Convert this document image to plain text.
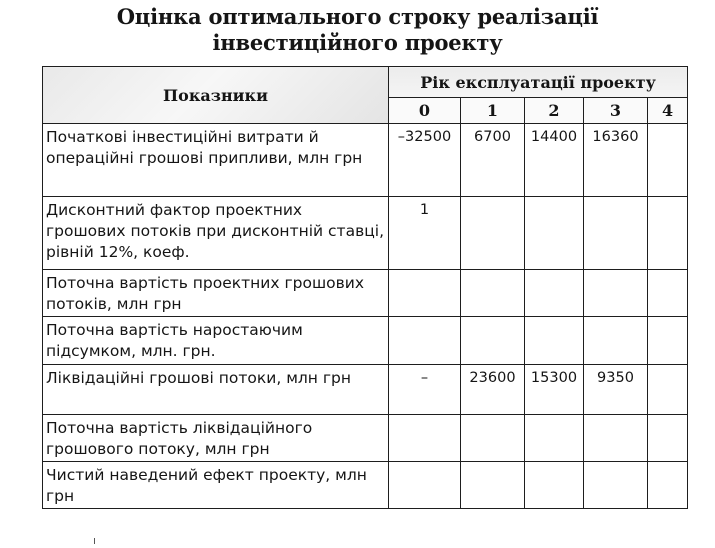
Оцінка оптимального строку реалізації
інвестиційного проекту
Показники	Рік експлуатації проекту				
	0	1	2	3	4
Початкові інвестиційні витрати й операційні грошові припливи, млн грн	–32500	6700	14400	16360	
Дисконтний фактор проектних грошових потоків при дисконтній ставці, рівній 12%, коеф.	1				
Поточна вартість проектних грошових потоків, млн грн					
Поточна вартість наростаючим підсумком, млн. грн.					
Ліквідаційні грошові потоки, млн грн	–	23600	15300	9350	
Поточна вартість ліквідаційного грошового потоку, млн грн					
Чистий наведений ефект проекту, млн грн					
